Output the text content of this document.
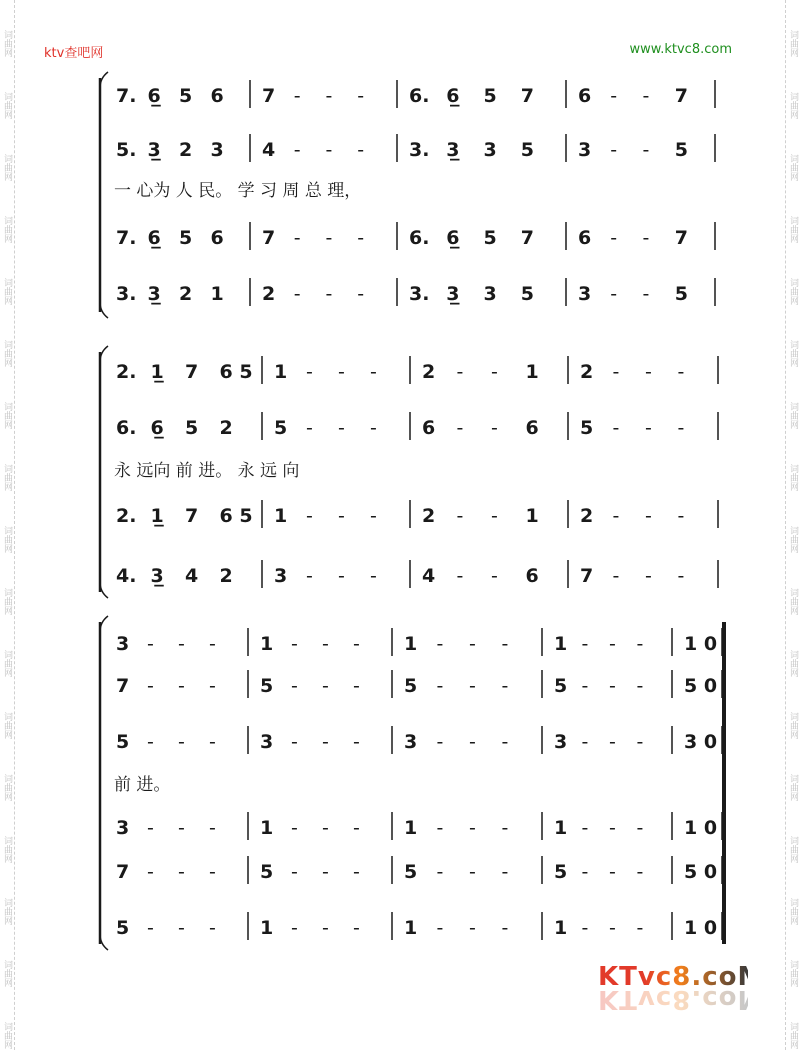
词曲网
词曲网
词曲网
词曲网
词曲网
词曲网
词曲网
词曲网
词曲网
词曲网
词曲网
词曲网
词曲网
词曲网
词曲网
词曲网
词曲网
词曲网
词曲网
词曲网
词曲网
词曲网
词曲网
词曲网
词曲网
词曲网
词曲网
词曲网
词曲网
词曲网
词曲网
词曲网
词曲网
词曲网
ktv查吧网	www.ktvc8.com
7. 6̲ 5 6 7 - - - 6. 6̲ 5 7 6 - - 7
5. 3̲ 2 3 4 - - - 3. 3̲ 3 5 3 - - 5
一 心为 人 民。 学 习 周 总 理，
7. 6̲ 5 6 7 - - - 6. 6̲ 5 7 6 - - 7
3. 3̲ 2 1 2 - - - 3. 3̲ 3 5 3 - - 5
2. 1̲ 7 6 5 1 - - - 2 - - 1 2 - - -
6. 6̲ 5 2 5 - - - 6 - - 6 5 - - -
永 远向 前 进。 永 远 向
2. 1̲ 7 6 5 1 - - - 2 - - 1 2 - - -
4. 3̲ 4 2 3 - - - 4 - - 6 7 - - -
3 - - - 1 - - - 1 - - - 1 - - - 1 0
7 - - - 5 - - - 5 - - - 5 - - - 5 0
5 - - - 3 - - - 3 - - - 3 - - - 3 0
前 进。
3 - - - 1 - - - 1 - - - 1 - - - 1 0
7 - - - 5 - - - 5 - - - 5 - - - 5 0
5 - - - 1 - - - 1 - - - 1 - - - 1 0
KTvc8.coM
KTvc8.coM
